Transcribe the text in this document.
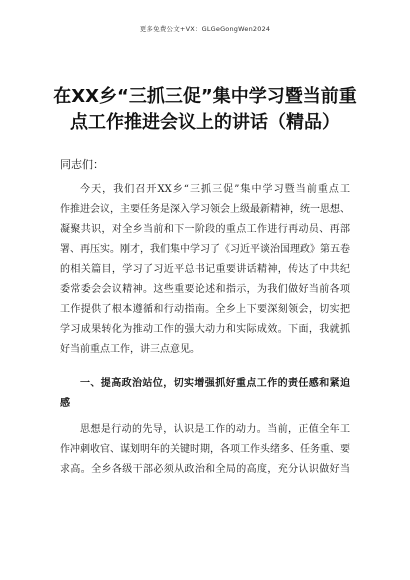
更多免费公文+VX：GLGeGongWen2024
在XX乡“三抓三促”集中学习暨当前重
点工作推进会议上的讲话（精品）
同志们：
今天，我们召开XX乡“三抓三促”集中学习暨当前重点工
作推进会议，主要任务是深入学习领会上级最新精神，统一思想、
凝聚共识，对全乡当前和下一阶段的重点工作进行再动员、再部
署、再压实。刚才，我们集中学习了《习近平谈治国理政》第五卷
的相关篇目，学习了习近平总书记重要讲话精神，传达了中共纪
委常委会会议精神。这些重要论述和指示，为我们做好当前各项
工作提供了根本遵循和行动指南。全乡上下要深刻领会，切实把
学习成果转化为推动工作的强大动力和实际成效。下面，我就抓
好当前重点工作，讲三点意见。
一、提高政治站位，切实增强抓好重点工作的责任感和紧迫
感
思想是行动的先导，认识是工作的动力。当前，正值全年工
作冲刺收官、谋划明年的关键时期，各项工作头绪多、任务重、要
求高。全乡各级干部必须从政治和全局的高度，充分认识做好当
